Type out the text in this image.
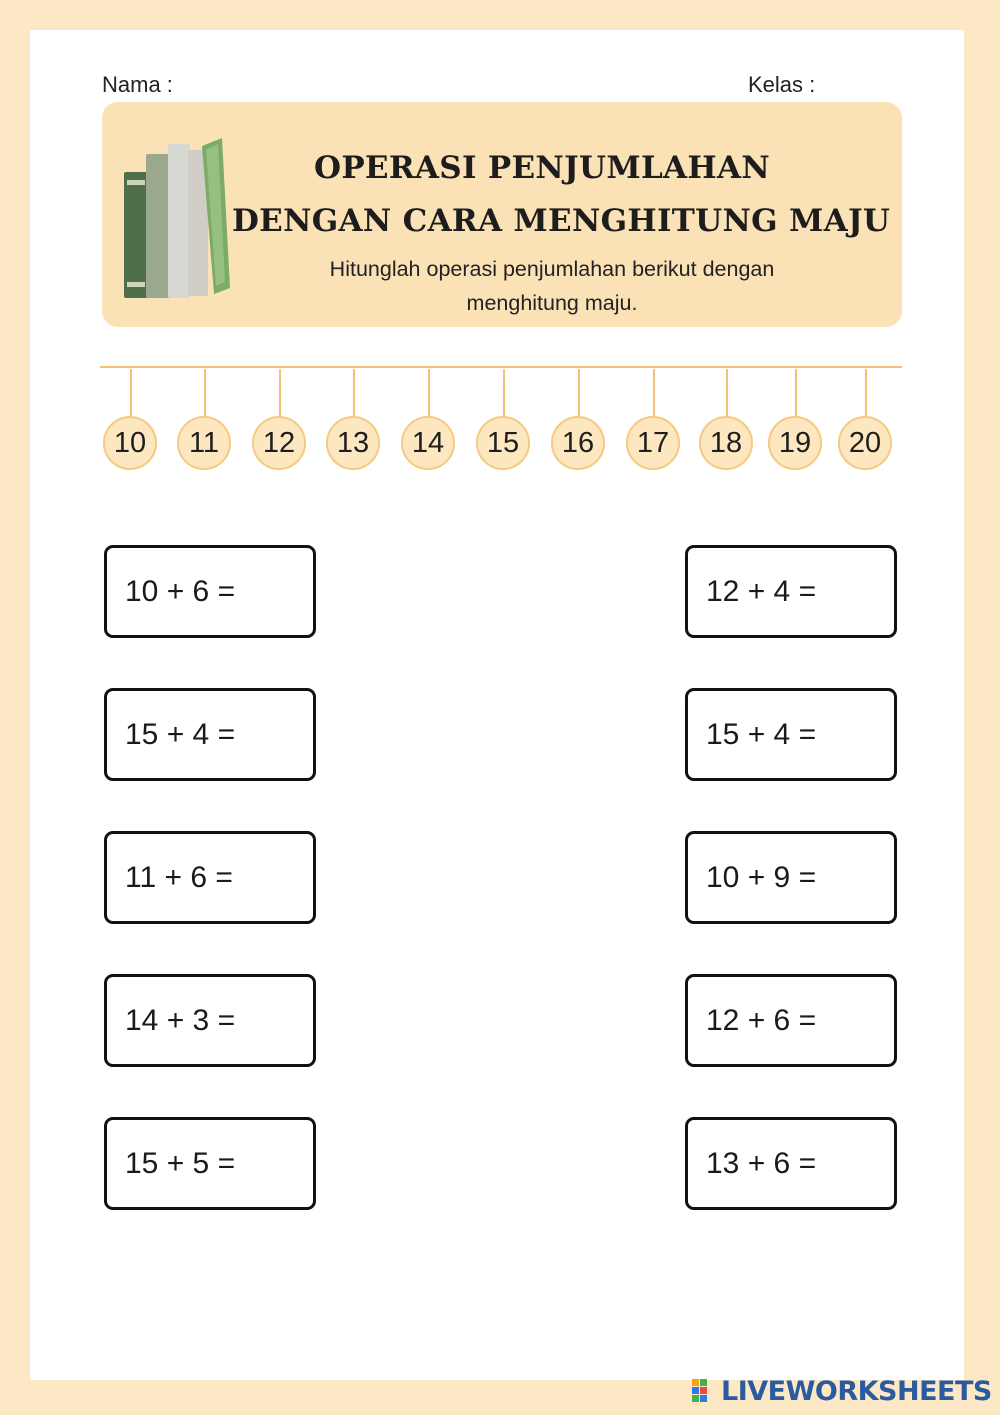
Nama :	Kelas :
OPERASI PENJUMLAHAN
DENGAN CARA MENGHITUNG MAJU
Hitunglah operasi penjumlahan berikut dengan
menghitung maju.
10	11	12	13	14	15	16	17	18	19	20
10 + 6 =
15 + 4 =
11 + 6 =
14 + 3 =
15 + 5 =
12 + 4 =
15 + 4 =
10 + 9 =
12 + 6 =
13 + 6 =
LIVEWORKSHEETS
